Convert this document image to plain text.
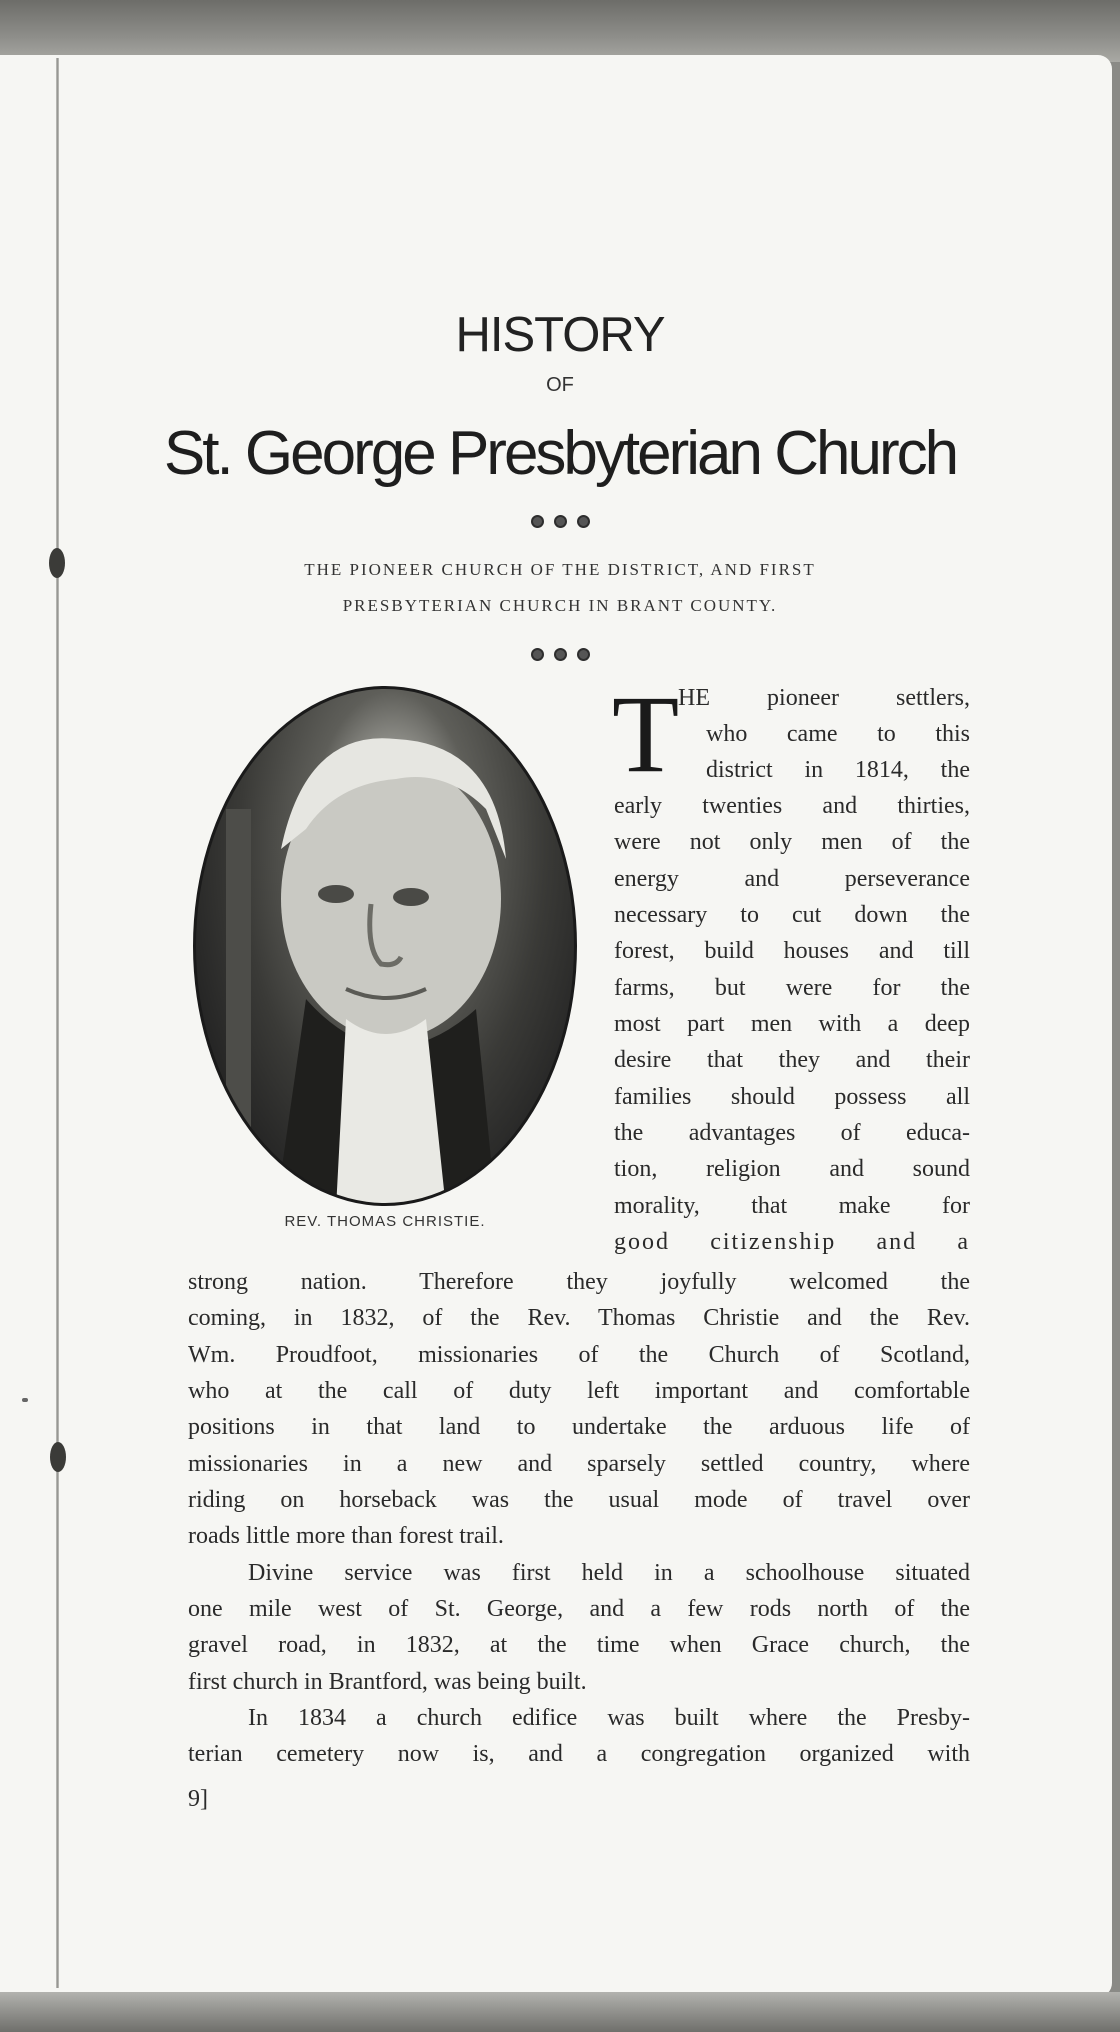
HISTORY
OF
St. George Presbyterian Church
THE PIONEER CHURCH OF THE DISTRICT, AND FIRST
PRESBYTERIAN CHURCH IN BRANT COUNTY.
REV. THOMAS CHRISTIE.
T
HE pioneer settlers,
who came to this
district in 1814, the
early twenties and thirties,
were not only men of the
energy and perseverance
necessary to cut down the
forest, build houses and till
farms, but were for the
most part men with a deep
desire that they and their
families should possess all
the advantages of educa-
tion, religion and sound
morality, that make for
good citizenship and a
strong nation. Therefore they joyfully welcomed the
coming, in 1832, of the Rev. Thomas Christie and the Rev.
Wm. Proudfoot, missionaries of the Church of Scotland,
who at the call of duty left important and comfortable
positions in that land to undertake the arduous life of
missionaries in a new and sparsely settled country, where
riding on horseback was the usual mode of travel over
roads little more than forest trail.
Divine service was first held in a schoolhouse situated
one mile west of St. George, and a few rods north of the
gravel road, in 1832, at the time when Grace church, the
first church in Brantford, was being built.
In 1834 a church edifice was built where the Presby-
terian cemetery now is, and a congregation organized with
9]
